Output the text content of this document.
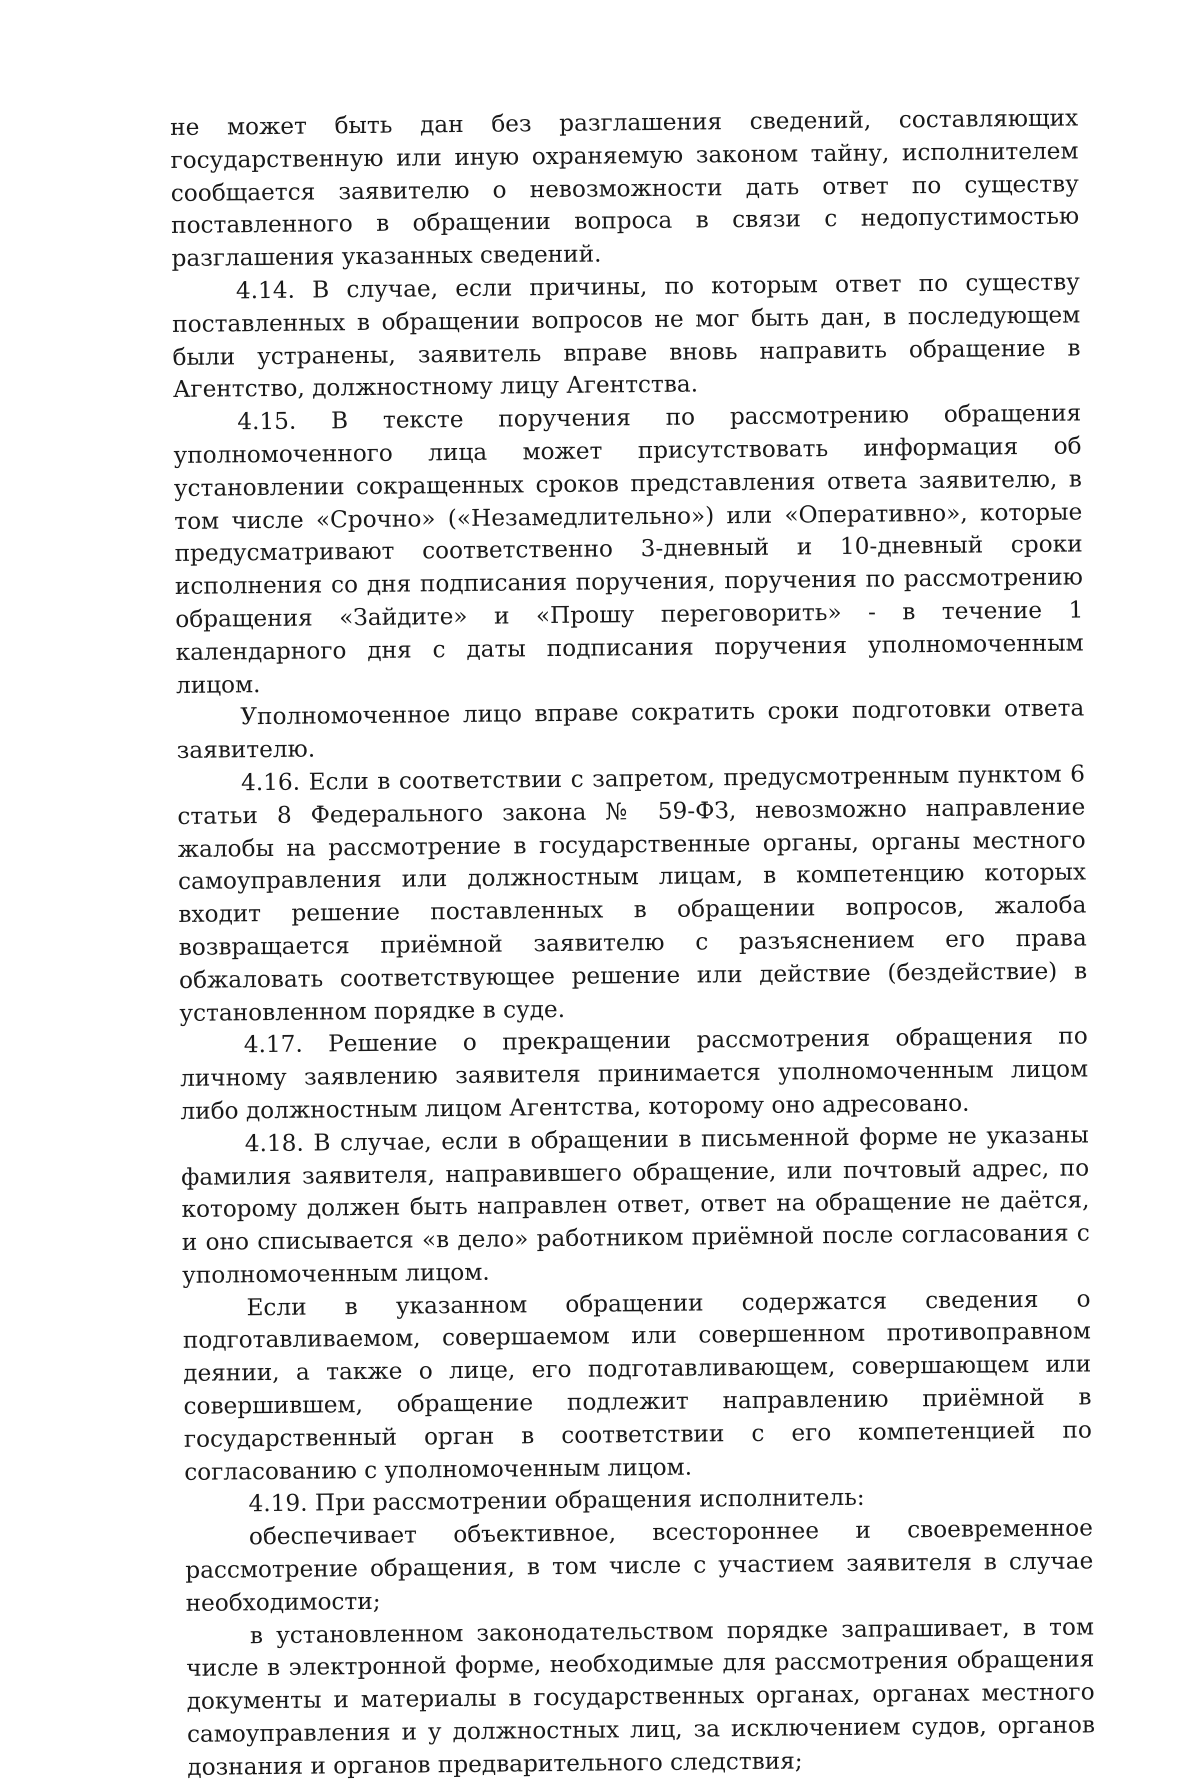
не может быть дан без разглашения сведений, составляющих государственную или иную охраняемую законом тайну, исполнителем сообщается заявителю о невозможности дать ответ по существу поставленного в обращении вопроса в связи с недопустимостью разглашения указанных сведений.

4.14. В случае, если причины, по которым ответ по существу поставленных в обращении вопросов не мог быть дан, в последующем были устранены, заявитель вправе вновь направить обращение в Агентство, должностному лицу Агентства.

4.15. В тексте поручения по рассмотрению обращения уполномоченного лица может присутствовать информация об установлении сокращенных сроков представления ответа заявителю, в том числе «Срочно» («Незамедлительно») или «Оперативно», которые предусматривают соответственно 3-дневный и 10-дневный сроки исполнения со дня подписания поручения, поручения по рассмотрению обращения «Зайдите» и «Прошу переговорить» - в течение 1 календарного дня с даты подписания поручения уполномоченным лицом.

Уполномоченное лицо вправе сократить сроки подготовки ответа заявителю.

4.16. Если в соответствии с запретом, предусмотренным пунктом 6 статьи 8 Федерального закона № 59-ФЗ, невозможно направление жалобы на рассмотрение в государственные органы, органы местного самоуправления или должностным лицам, в компетенцию которых входит решение поставленных в обращении вопросов, жалоба возвращается приёмной заявителю с разъяснением его права обжаловать соответствующее решение или действие (бездействие) в установленном порядке в суде.

4.17. Решение о прекращении рассмотрения обращения по личному заявлению заявителя принимается уполномоченным лицом либо должностным лицом Агентства, которому оно адресовано.

4.18. В случае, если в обращении в письменной форме не указаны фамилия заявителя, направившего обращение, или почтовый адрес, по которому должен быть направлен ответ, ответ на обращение не даётся, и оно списывается «в дело» работником приёмной после согласования с уполномоченным лицом.

Если в указанном обращении содержатся сведения о подготавливаемом, совершаемом или совершенном противоправном деянии, а также о лице, его подготавливающем, совершающем или совершившем, обращение подлежит направлению приёмной в государственный орган в соответствии с его компетенцией по согласованию с уполномоченным лицом.

4.19. При рассмотрении обращения исполнитель:

обеспечивает объективное, всестороннее и своевременное рассмотрение обращения, в том числе с участием заявителя в случае необходимости;

в установленном законодательством порядке запрашивает, в том числе в электронной форме, необходимые для рассмотрения обращения документы и материалы в государственных органах, органах местного самоуправления и у должностных лиц, за исключением судов, органов дознания и органов предварительного следствия;
